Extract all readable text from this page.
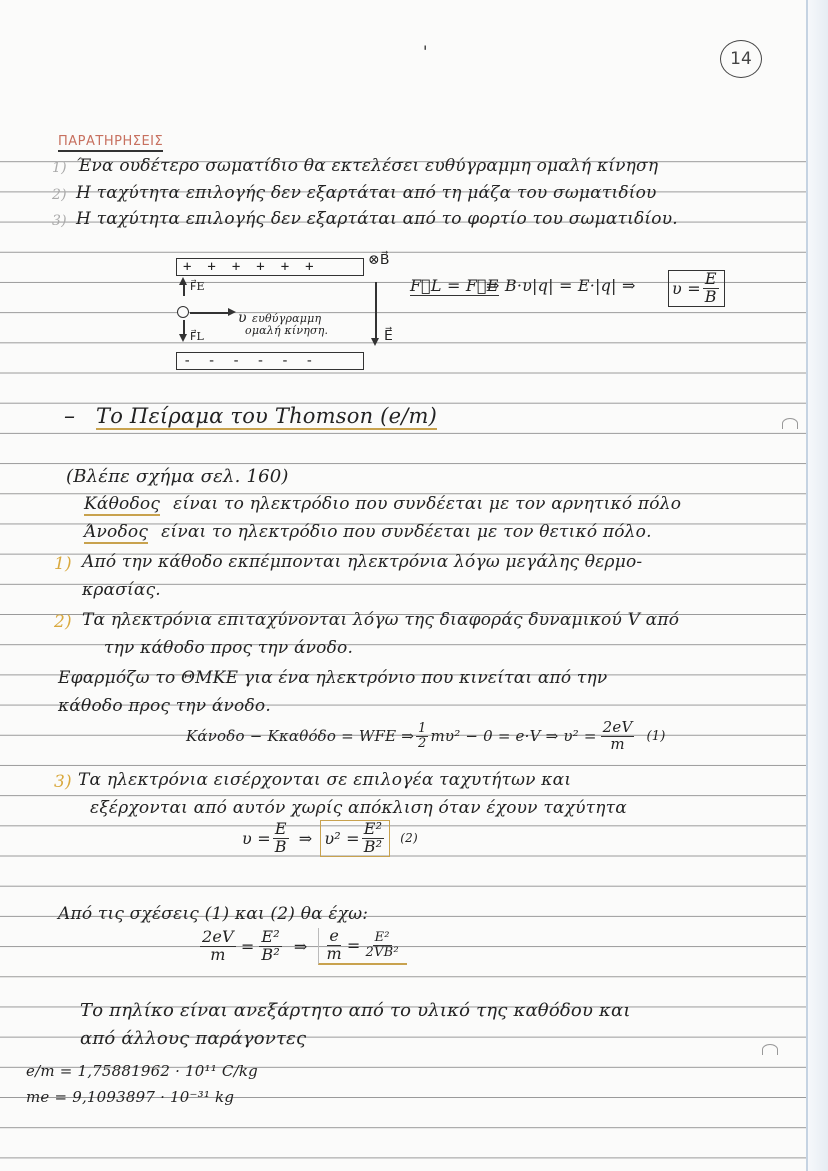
'	14
ΠΑΡΑΤΗΡΗΣΕΙΣ
1) Ένα ουδέτερο σωματίδιο θα εκτελέσει ευθύγραμμη ομαλή κίνηση
2) Η ταχύτητα επιλογής δεν εξαρτάται από τη μάζα του σωματιδίου
3) Η ταχύτητα επιλογής δεν εξαρτάται από το φορτίο του σωματιδίου.
++++++	⊗B⃗
F⃗E
υ ευθύγραμμη
ομαλή κίνηση.
F⃗L	E⃗
------
F⃗L = F⃗E
⇒ B·υ|q| = E·|q| ⇒ $\upsilon = \frac{E}{B}$
– Το Πείραμα του Thomson (e/m)
(Βλέπε σχήμα σελ. 160)
Κάθοδος είναι το ηλεκτρόδιο που συνδέεται με τον αρνητικό πόλο
Άνοδος είναι το ηλεκτρόδιο που συνδέεται με τον θετικό πόλο.
1) Από την κάθοδο εκπέμπονται ηλεκτρόνια λόγω μεγάλης θερμο-
κρασίας.
2) Τα ηλεκτρόνια επιταχύνονται λόγω της διαφοράς δυναμικού V από
την κάθοδο προς την άνοδο.
Εφαρμόζω το ΘΜΚΕ για ένα ηλεκτρόνιο που κινείται από την
κάθοδο προς την άνοδο.
Kάνοδο − Kκαθόδο = WFE ⇒ $\frac{1}{2} m\upsilon^2 - 0 = e\cdot V$ ⇒ $\upsilon^2 = \frac{2eV}{m} (1)$
3) Τα ηλεκτρόνια εισέρχονται σε επιλογέα ταχυτήτων και
εξέρχονται από αυτόν χωρίς απόκλιση όταν έχουν ταχύτητα
$\upsilon = \frac{E}{B}$ ⇒ $\upsilon^2 = \frac{\text{E²}}{\text{B²}} (2)$
Από τις σχέσεις (1) και (2) θα έχω:
$\frac{2eV}{m} = \frac{\text{E²}}{\text{B²}}$ ⇒ $\frac{e}{m} = \frac{\text{E²}}{\text{2VB²}}$
Το πηλίκο είναι ανεξάρτητο από το υλικό της καθόδου και
από άλλους παράγοντες
e/m = 1,75881962 · 10¹¹ C/kg
me = 9,1093897 · 10⁻³¹ kg
